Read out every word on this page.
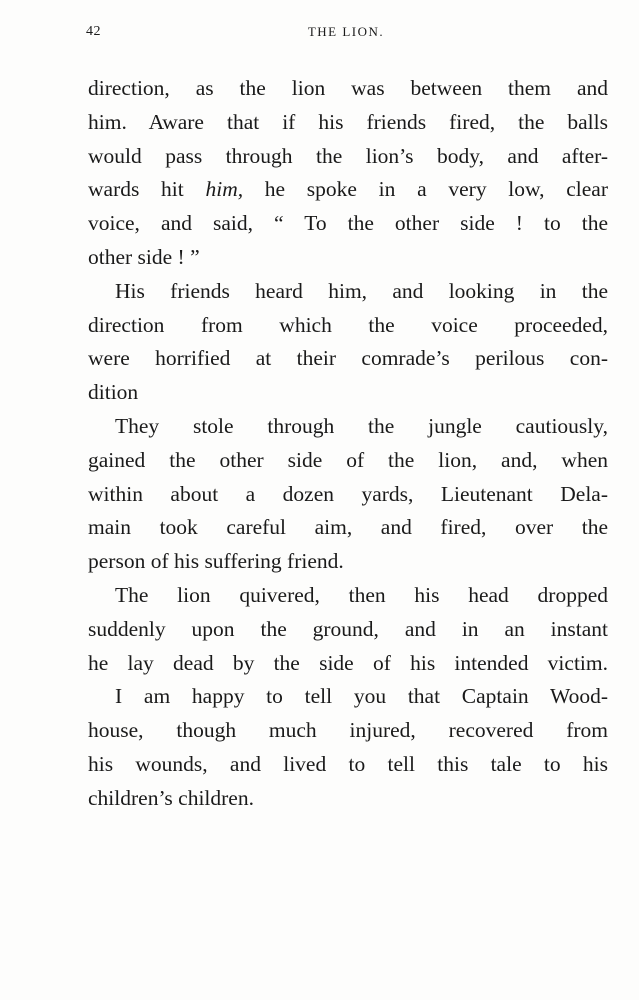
42	THE LION.
direction, as the lion was between them and
him. Aware that if his friends fired, the balls
would pass through the lion’s body, and after-
wards hit him, he spoke in a very low, clear
voice, and said, “ To the other side ! to the
other side ! ”
His friends heard him, and looking in the
direction from which the voice proceeded,
were horrified at their comrade’s perilous con-
dition
They stole through the jungle cautiously,
gained the other side of the lion, and, when
within about a dozen yards, Lieutenant Dela-
main took careful aim, and fired, over the
person of his suffering friend.
The lion quivered, then his head dropped
suddenly upon the ground, and in an instant
he lay dead by the side of his intended victim.
I am happy to tell you that Captain Wood-
house, though much injured, recovered from
his wounds, and lived to tell this tale to his
children’s children.
